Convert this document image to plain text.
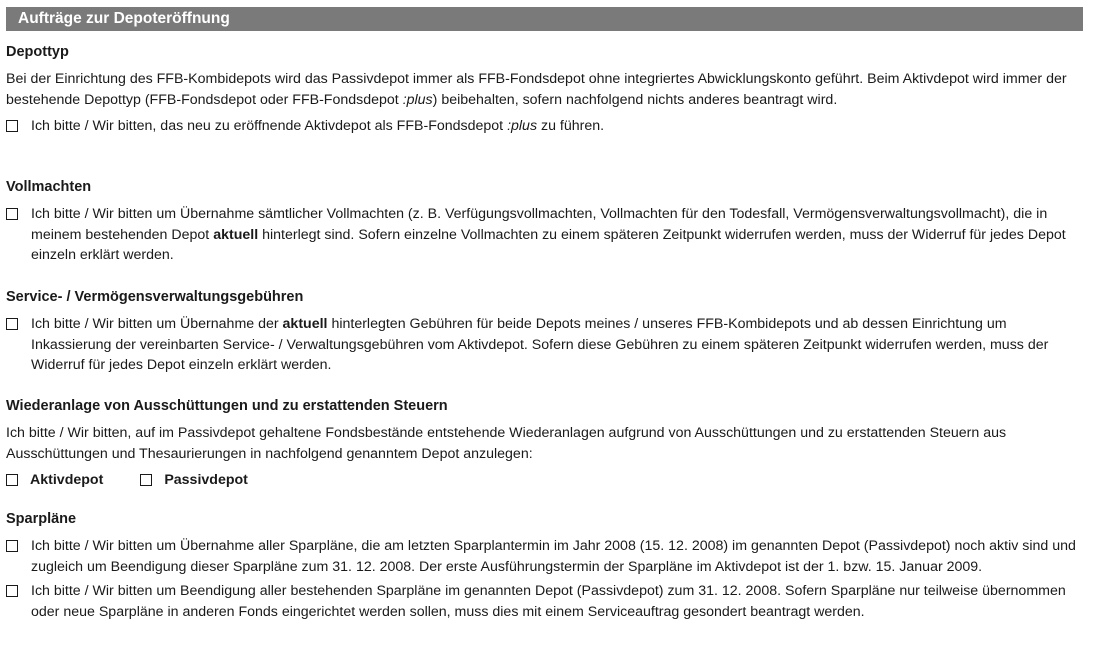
Aufträge zur Depoteröffnung
Depottyp

Bei der Einrichtung des FFB-Kombidepots wird das Passivdepot immer als FFB-Fondsdepot ohne integriertes Abwicklungskonto geführt. Beim Aktivdepot wird immer der bestehende Depottyp (FFB-Fondsdepot oder FFB-Fondsdepot :plus) beibehalten, sofern nachfolgend nichts anderes beantragt wird.

Ich bitte / Wir bitten, das neu zu eröffnende Aktivdepot als FFB-Fondsdepot :plus zu führen.
Vollmachten
Ich bitte / Wir bitten um Übernahme sämtlicher Vollmachten (z. B. Verfügungsvollmachten, Vollmachten für den Todesfall, Vermögensverwaltungsvollmacht), die in meinem bestehenden Depot aktuell hinterlegt sind. Sofern einzelne Vollmachten zu einem späteren Zeitpunkt widerrufen werden, muss der Widerruf für jedes Depot einzeln erklärt werden.
Service- / Vermögensverwaltungsgebühren
Ich bitte / Wir bitten um Übernahme der aktuell hinterlegten Gebühren für beide Depots meines / unseres FFB-Kombidepots und ab dessen Einrichtung um Inkassierung der vereinbarten Service- / Verwaltungsgebühren vom Aktivdepot. Sofern diese Gebühren zu einem späteren Zeitpunkt widerrufen werden, muss der Widerruf für jedes Depot einzeln erklärt werden.
Wiederanlage von Ausschüttungen und zu erstattenden Steuern

Ich bitte / Wir bitten, auf im Passivdepot gehaltene Fondsbestände entstehende Wiederanlagen aufgrund von Ausschüttungen und zu erstattenden Steuern aus Ausschüttungen und Thesaurierungen in nachfolgend genanntem Depot anzulegen:

Aktivdepot	Passivdepot
Sparpläne
Ich bitte / Wir bitten um Übernahme aller Sparpläne, die am letzten Sparplantermin im Jahr 2008 (15. 12. 2008) im genannten Depot (Passivdepot) noch aktiv sind und zugleich um Beendigung dieser Sparpläne zum 31. 12. 2008. Der erste Ausführungstermin der Sparpläne im Aktivdepot ist der 1. bzw. 15. Januar 2009.
Ich bitte / Wir bitten um Beendigung aller bestehenden Sparpläne im genannten Depot (Passivdepot) zum 31. 12. 2008. Sofern Sparpläne nur teilweise übernommen oder neue Sparpläne in anderen Fonds eingerichtet werden sollen, muss dies mit einem Serviceauftrag gesondert beantragt werden.
